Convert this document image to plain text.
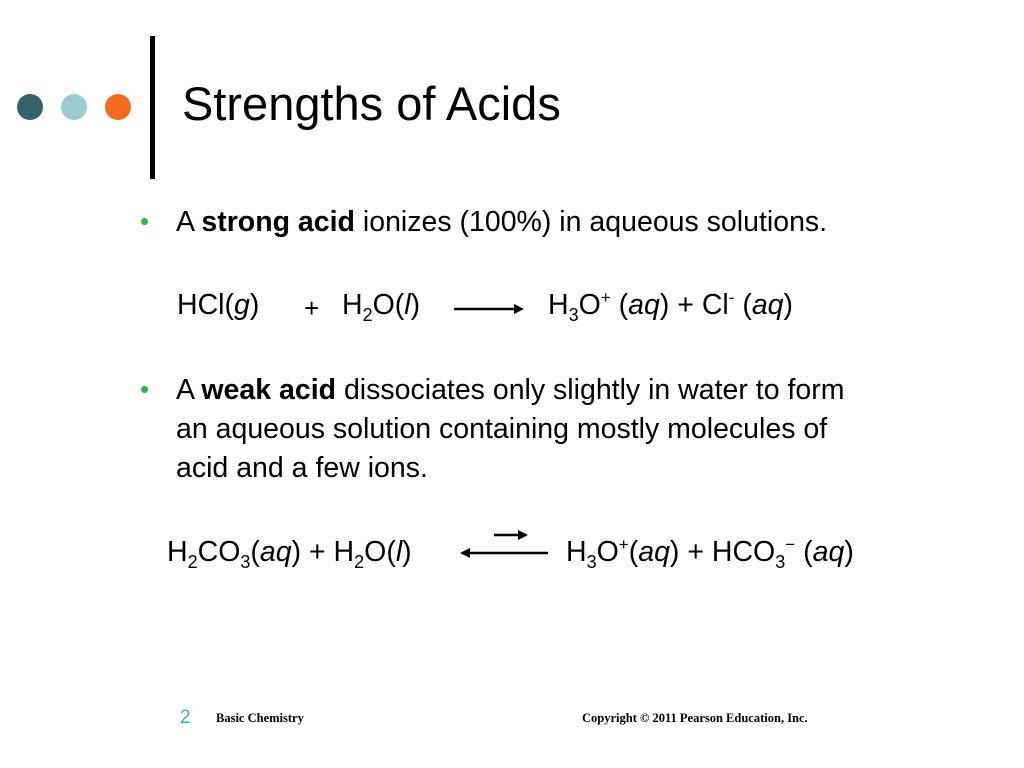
Strengths of Acids
• A strong acid ionizes (100%) in aqueous solutions.
$HCl(g) + H_2O(l)$	$H_3O^+$ (aq) + Cl- (aq)
• A weak acid dissociates only slightly in water to form
an aqueous solution containing mostly molecules of
acid and a few ions.
$H_2CO_3(aq) + H_2O(l)$	$H_3O^+(aq) + HCO_3^-$ (aq)
2 Basic Chemistry	Copyright © 2011 Pearson Education, Inc.
